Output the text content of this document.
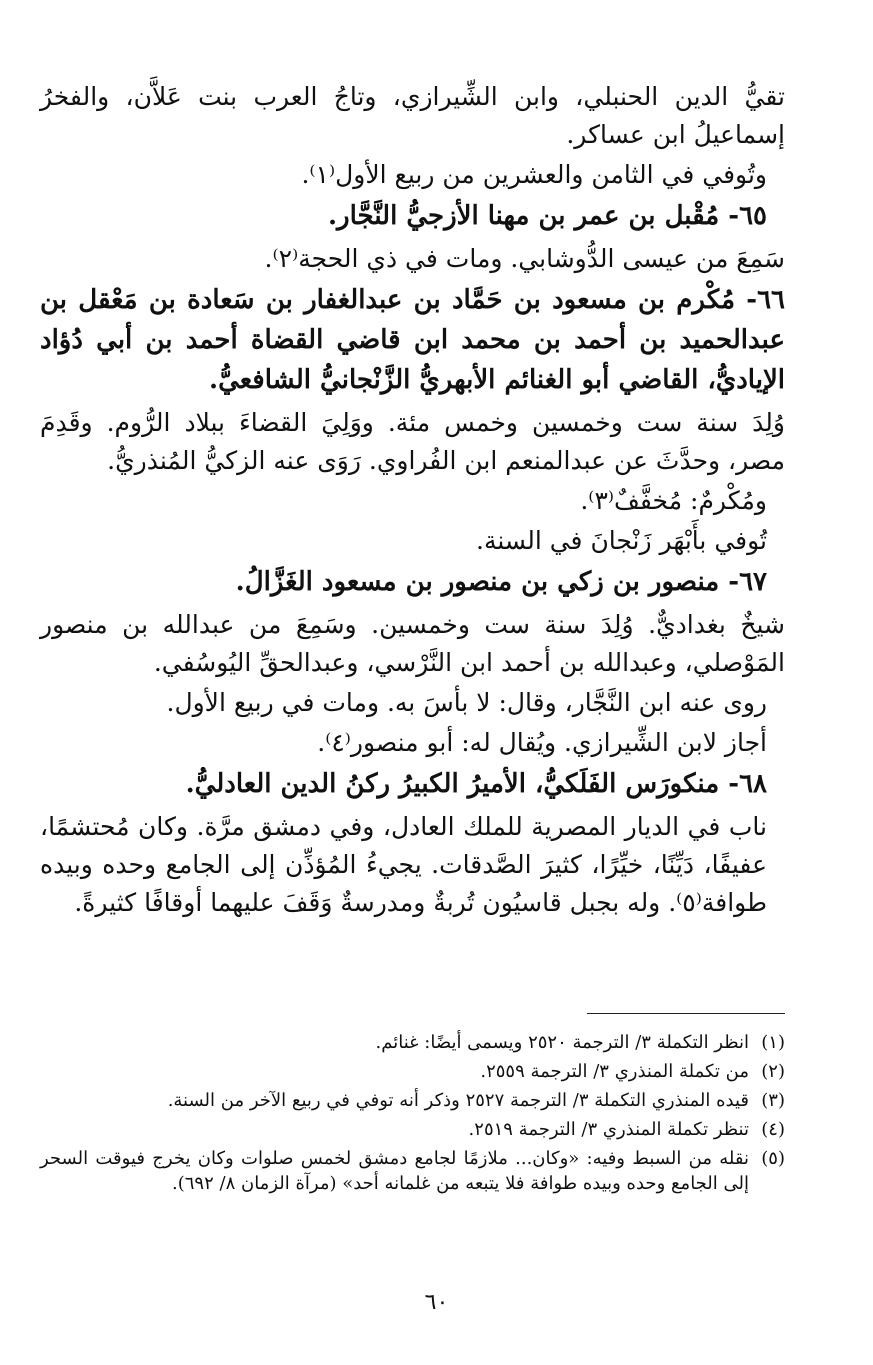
تقيُّ الدين الحنبلي، وابن الشِّيرازي، وتاجُ العرب بنت عَلاَّن، والفخرُ إسماعيلُ ابن عساكر.

وتُوفي في الثامن والعشرين من ربيع الأول⁽١⁾.

٦٥- مُقْبل بن عمر بن مهنا الأزجيُّ النَّجَّار.

سَمِعَ من عيسى الدُّوشابي. ومات في ذي الحجة⁽٢⁾.

٦٦- مُكْرم بن مسعود بن حَمَّاد بن عبدالغفار بن سَعادة بن مَعْقل بن عبدالحميد بن أحمد بن محمد ابن قاضي القضاة أحمد بن أبي دُؤاد الإياديُّ، القاضي أبو الغنائم الأبهريُّ الزَّنْجانيُّ الشافعيُّ.

وُلِدَ سنة ست وخمسين وخمس مئة. ووَلِيَ القضاءَ ببلاد الرُّوم. وقَدِمَ مصر، وحدَّثَ عن عبدالمنعم ابن الفُراوي. رَوَى عنه الزكيُّ المُنذريُّ.

ومُكْرمٌ: مُخفَّفٌ⁽٣⁾.

تُوفي بأَبْهَر زَنْجانَ في السنة.

٦٧- منصور بن زكي بن منصور بن مسعود الغَزَّالُ.

شيخٌ بغداديٌّ. وُلِدَ سنة ست وخمسين. وسَمِعَ من عبدالله بن منصور المَوْصلي، وعبدالله بن أحمد ابن النَّرْسي، وعبدالحقِّ اليُوسُفي.

روى عنه ابن النَّجَّار، وقال: لا بأسَ به. ومات في ربيع الأول.

أجاز لابن الشِّيرازي. ويُقال له: أبو منصور⁽٤⁾.

٦٨- منكورَس الفَلَكيُّ، الأميرُ الكبيرُ ركنُ الدين العادليُّ.

ناب في الديار المصرية للملك العادل، وفي دمشق مرَّة. وكان مُحتشمًا، عفيفًا، دَيِّنًا، خيِّرًا، كثيرَ الصَّدقات. يجيءُ المُؤذِّن إلى الجامع وحده وبيده طوافة⁽٥⁾. وله بجبل قاسيُون تُربةٌ ومدرسةٌ وَقَفَ عليهما أوقافًا كثيرةً.

(١)
انظر التكملة ٣/ الترجمة ٢٥٢٠ ويسمى أيضًا: غنائم.
(٢)
من تكملة المنذري ٣/ الترجمة ٢٥٥٩.
(٣)
قيده المنذري التكملة ٣/ الترجمة ٢٥٢٧ وذكر أنه توفي في ربيع الآخر من السنة.
(٤)
تنظر تكملة المنذري ٣/ الترجمة ٢٥١٩.
(٥)
نقله من السبط وفيه: «وكان... ملازمًا لجامع دمشق لخمس صلوات وكان يخرج فيوقت السحر إلى الجامع وحده وبيده طوافة فلا يتبعه من غلمانه أحد» (مرآة الزمان ٨/ ٦٩٢).
٦٠
